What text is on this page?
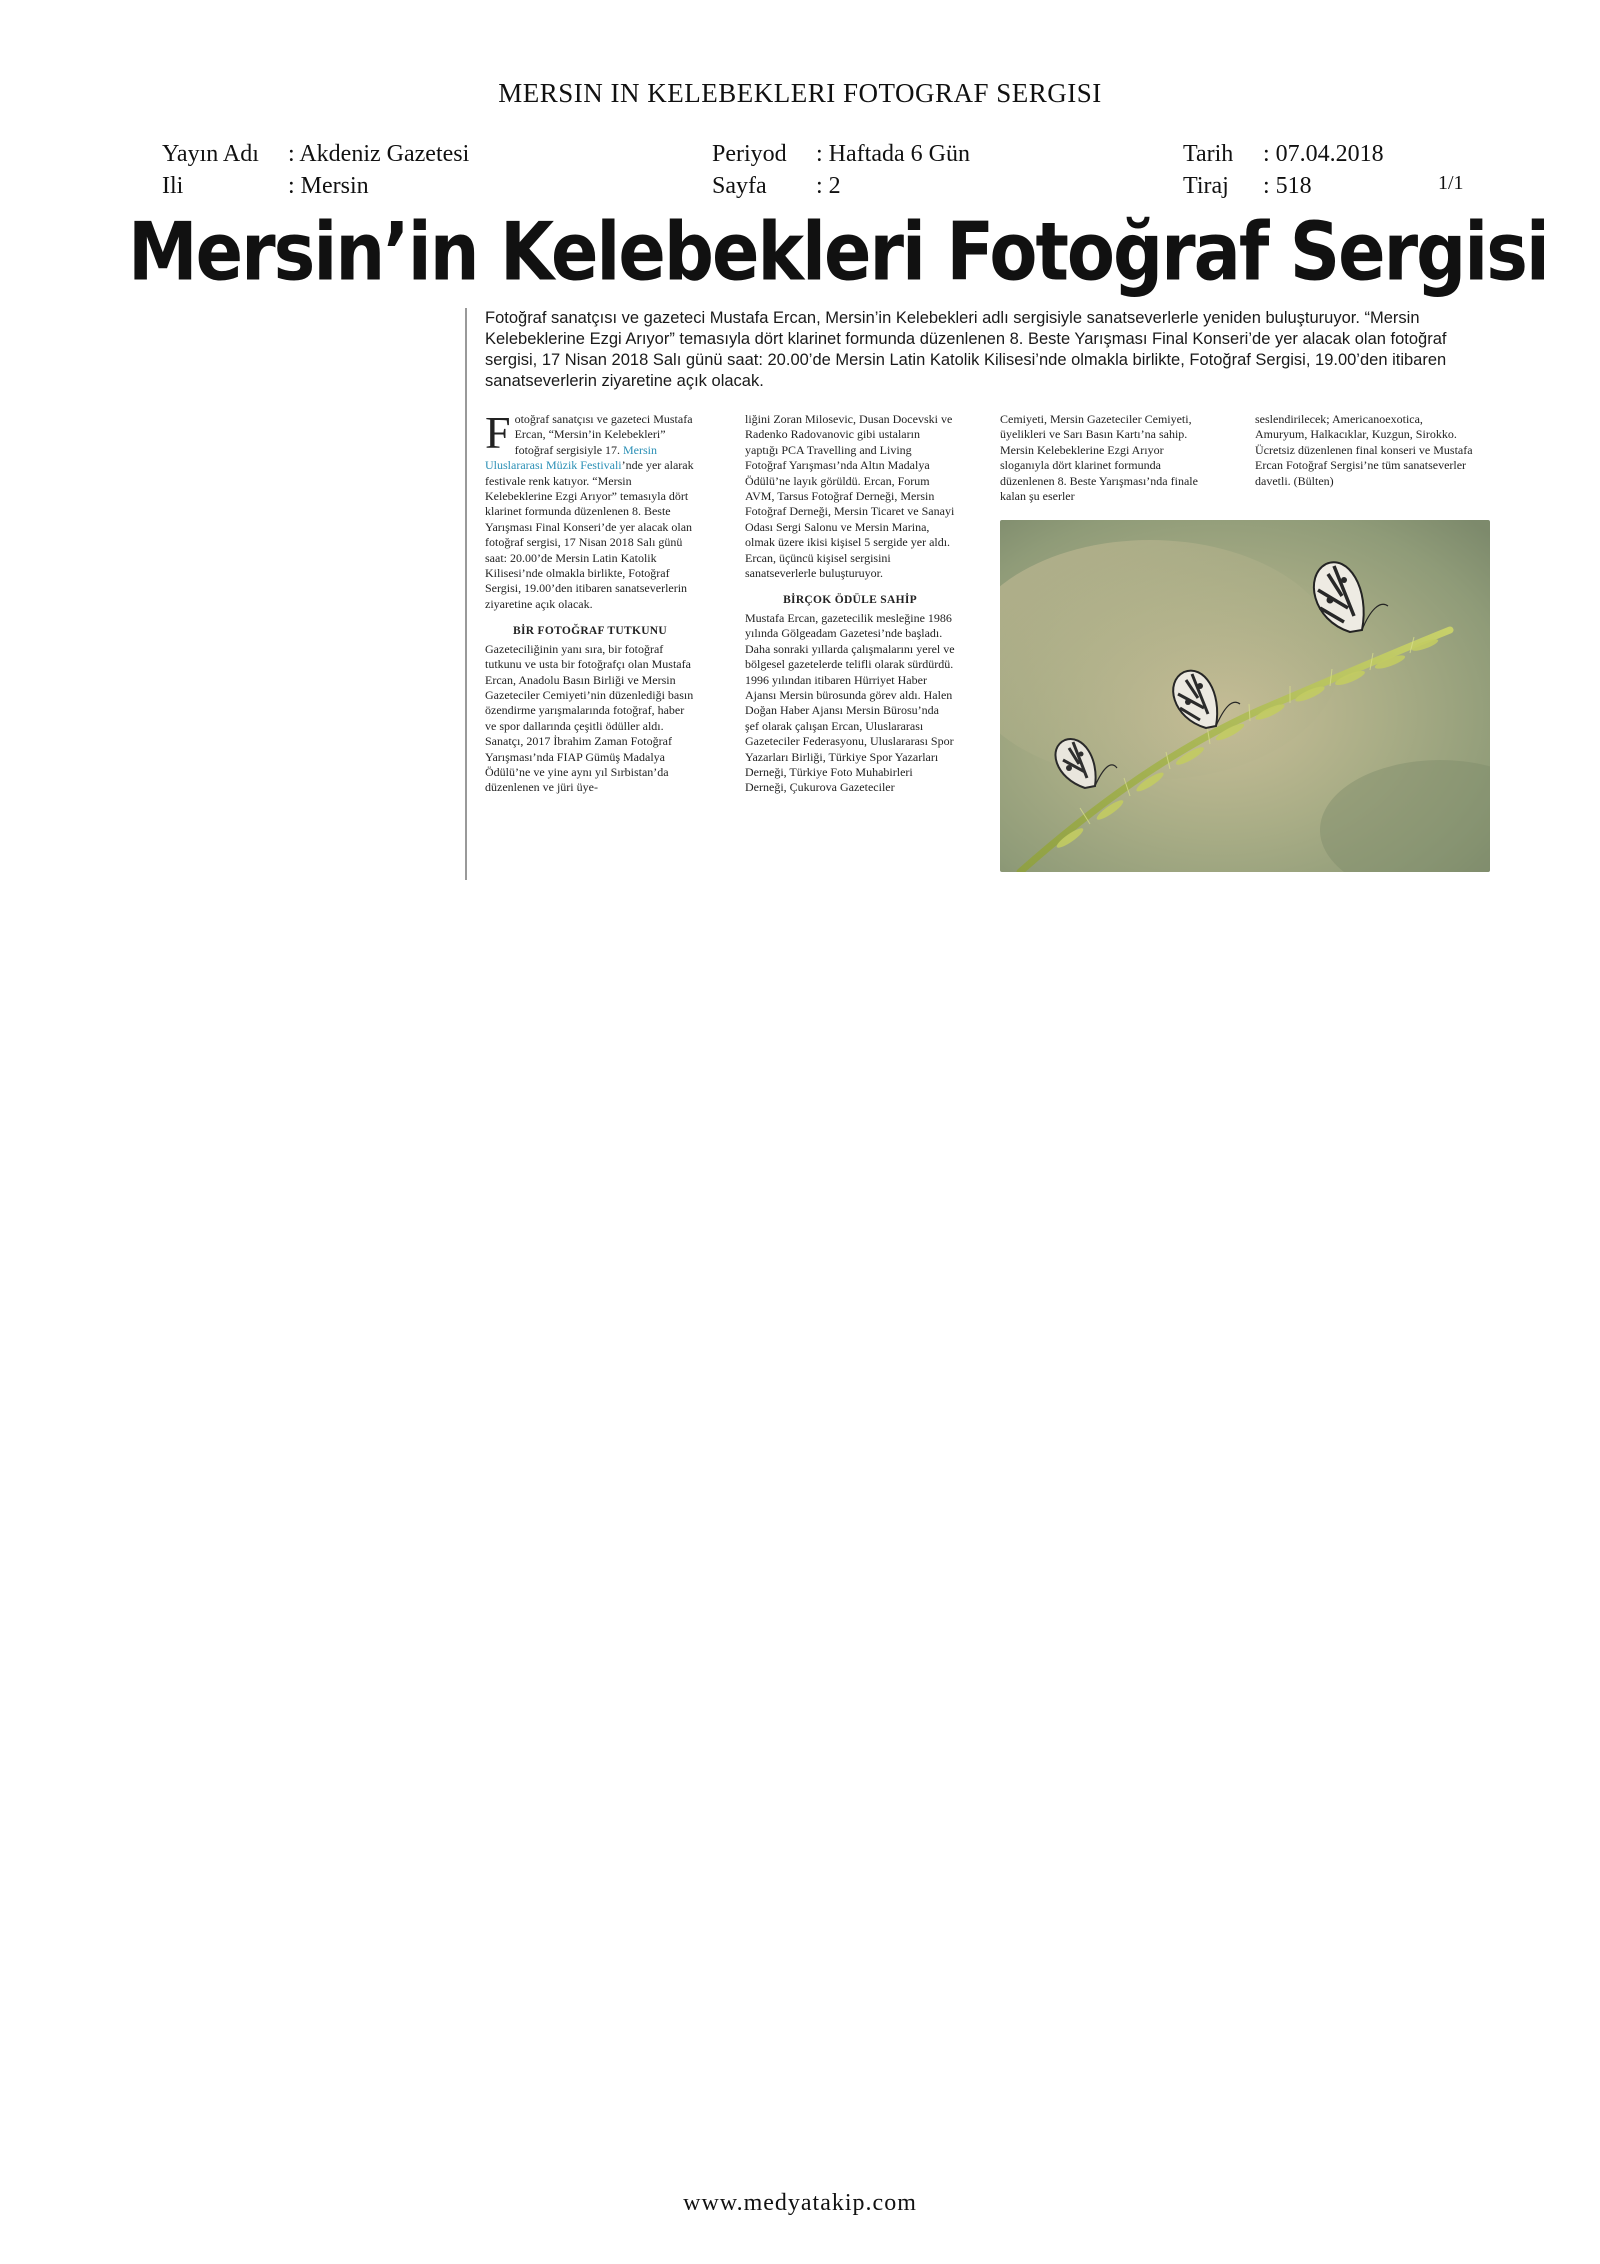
MERSIN IN KELEBEKLERI FOTOGRAF SERGISI
Yayın Adı : Akdeniz Gazetesi
Ili	: Mersin
Periyod : Haftada 6 Gün
Sayfa : 2
Tarih : 07.04.2018
Tiraj : 518	1/1
Mersin’in Kelebekleri Fotoğraf Sergisi
Fotoğraf sanatçısı ve gazeteci Mustafa Ercan, Mersin’in Kelebekleri adlı sergisiyle sanatseverlerle yeniden buluşturuyor. “Mersin Kelebeklerine Ezgi Arıyor” temasıyla dört klarinet formunda düzenlenen 8. Beste Yarışması Final Konseri’de yer alacak olan fotoğraf sergisi, 17 Nisan 2018 Salı günü saat: 20.00’de Mersin Latin Katolik Kilisesi’nde olmakla birlikte, Fotoğraf Sergisi, 19.00’den itibaren sanatseverlerin ziyaretine açık olacak.

Fotoğraf sanatçısı ve gazeteci Mustafa Ercan, “Mersin’in Kelebekleri” fotoğraf sergisiyle 17. Mersin Uluslararası Müzik Festivali’nde yer alarak festivale renk katıyor. “Mersin Kelebeklerine Ezgi Arıyor” temasıyla dört klarinet formunda düzenlenen 8. Beste Yarışması Final Konseri’de yer alacak olan fotoğraf sergisi, 17 Nisan 2018 Salı günü saat: 20.00’de Mersin Latin Katolik Kilisesi’nde olmakla birlikte, Fotoğraf Sergisi, 19.00’den itibaren sanatseverlerin ziyaretine açık olacak.

BİR FOTOĞRAF TUTKUNU

Gazeteciliğinin yanı sıra, bir fotoğraf tutkunu ve usta bir fotoğrafçı olan Mustafa Ercan, Anadolu Basın Birliği ve Mersin Gazeteciler Cemiyeti’nin düzenlediği basın özendirme yarışmalarında fotoğraf, haber ve spor dallarında çeşitli ödüller aldı. Sanatçı, 2017 İbrahim Zaman Fotoğraf Yarışması’nda FIAP Gümüş Madalya Ödülü’ne ve yine aynı yıl Sırbistan’da düzenlenen ve jüri üye-

liğini Zoran Milosevic, Dusan Docevski ve Radenko Radovanovic gibi ustaların yaptığı PCA Travelling and Living Fotoğraf Yarışması’nda Altın Madalya Ödülü’ne layık görüldü. Ercan, Forum AVM, Tarsus Fotoğraf Derneği, Mersin Fotoğraf Derneği, Mersin Ticaret ve Sanayi Odası Sergi Salonu ve Mersin Marina, olmak üzere ikisi kişisel 5 sergide yer aldı. Ercan, üçüncü kişisel sergisini sanatseverlerle buluşturuyor.

BİRÇOK ÖDÜLE SAHİP

Mustafa Ercan, gazetecilik mesleğine 1986 yılında Gölgeadam Gazetesi’nde başladı. Daha sonraki yıllarda çalışmalarını yerel ve bölgesel gazetelerde telifli olarak sürdürdü. 1996 yılından itibaren Hürriyet Haber Ajansı Mersin bürosunda görev aldı. Halen Doğan Haber Ajansı Mersin Bürosu’nda şef olarak çalışan Ercan, Uluslararası Gazeteciler Federasyonu, Uluslararası Spor Yazarları Birliği, Türkiye Spor Yazarları Derneği, Türkiye Foto Muhabirleri Derneği, Çukurova Gazeteciler

Cemiyeti, Mersin Gazeteciler Cemiyeti, üyelikleri ve Sarı Basın Kartı’na sahip. Mersin Kelebeklerine Ezgi Arıyor sloganıyla dört klarinet formunda düzenlenen 8. Beste Yarışması’nda finale kalan şu eserler

seslendirilecek; Americanoexotica, Amuryum, Halkacıklar, Kuzgun, Sirokko. Ücretsiz düzenlenen final konseri ve Mustafa Ercan Fotoğraf Sergisi’ne tüm sanatseverler davetli. (Bülten)

www.medyatakip.com
